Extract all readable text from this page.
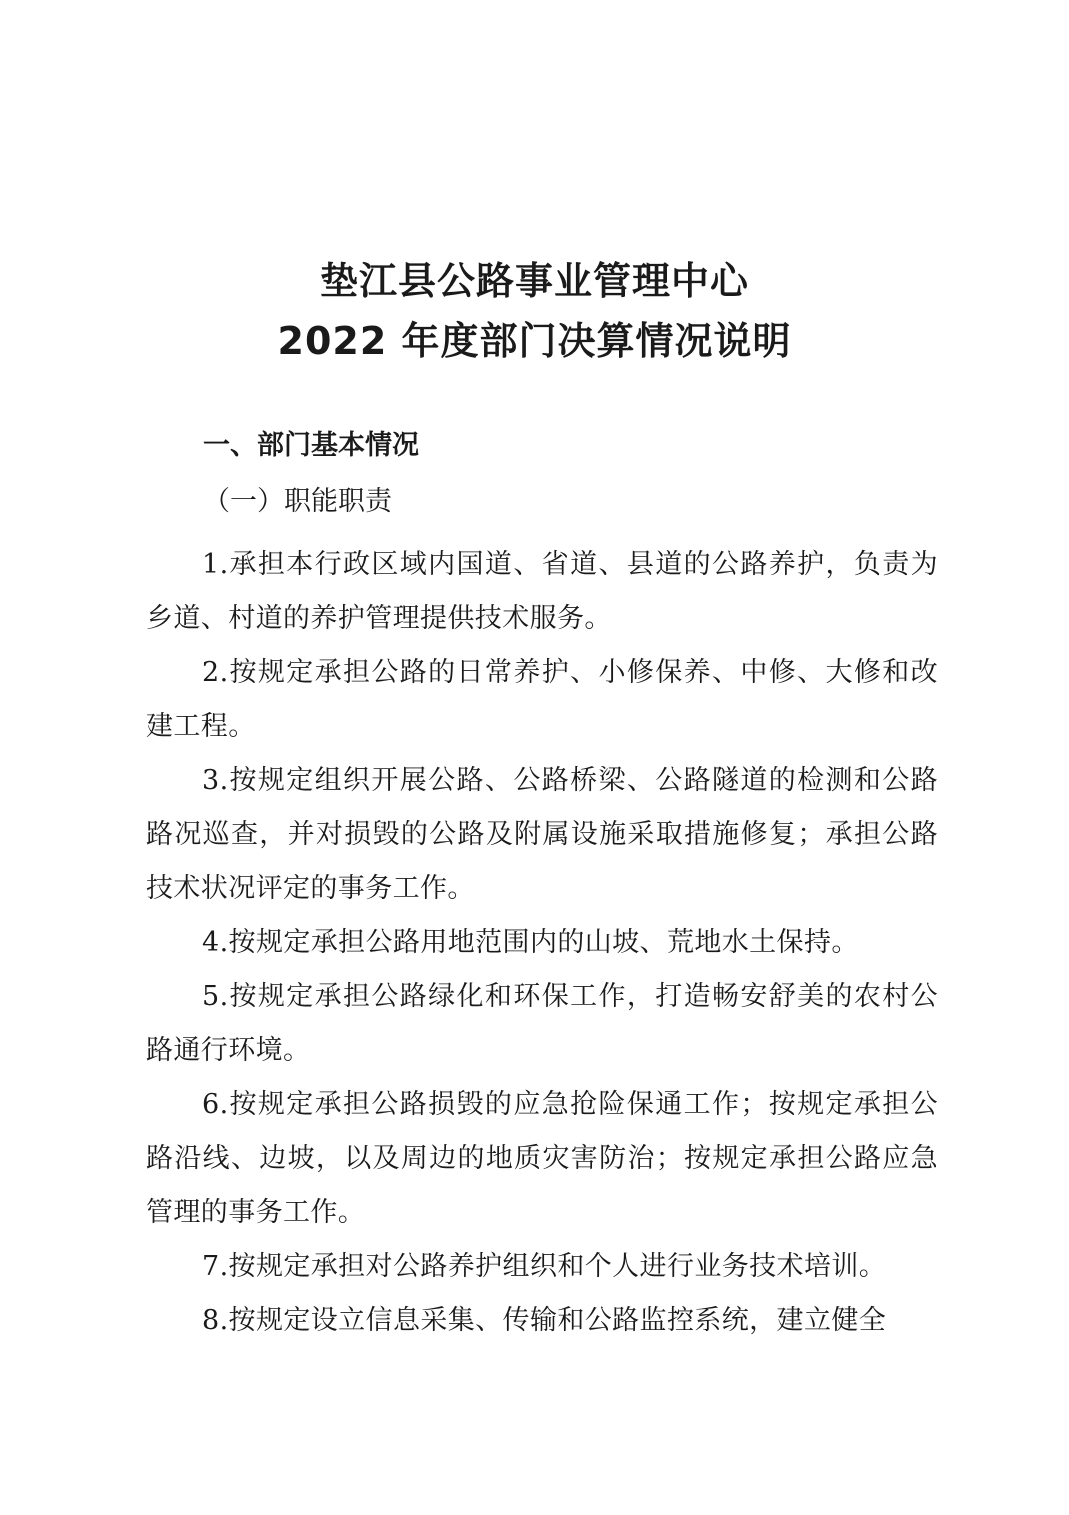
垫江县公路事业管理中心
2022 年度部门决算情况说明
一、部门基本情况
（一）职能职责

1.承担本行政区域内国道、省道、县道的公路养护，负责为乡道、村道的养护管理提供技术服务。

2.按规定承担公路的日常养护、小修保养、中修、大修和改建工程。

3.按规定组织开展公路、公路桥梁、公路隧道的检测和公路路况巡查，并对损毁的公路及附属设施采取措施修复；承担公路技术状况评定的事务工作。

4.按规定承担公路用地范围内的山坡、荒地水土保持。

5.按规定承担公路绿化和环保工作，打造畅安舒美的农村公路通行环境。

6.按规定承担公路损毁的应急抢险保通工作；按规定承担公路沿线、边坡，以及周边的地质灾害防治；按规定承担公路应急管理的事务工作。

7.按规定承担对公路养护组织和个人进行业务技术培训。

8.按规定设立信息采集、传输和公路监控系统，建立健全
